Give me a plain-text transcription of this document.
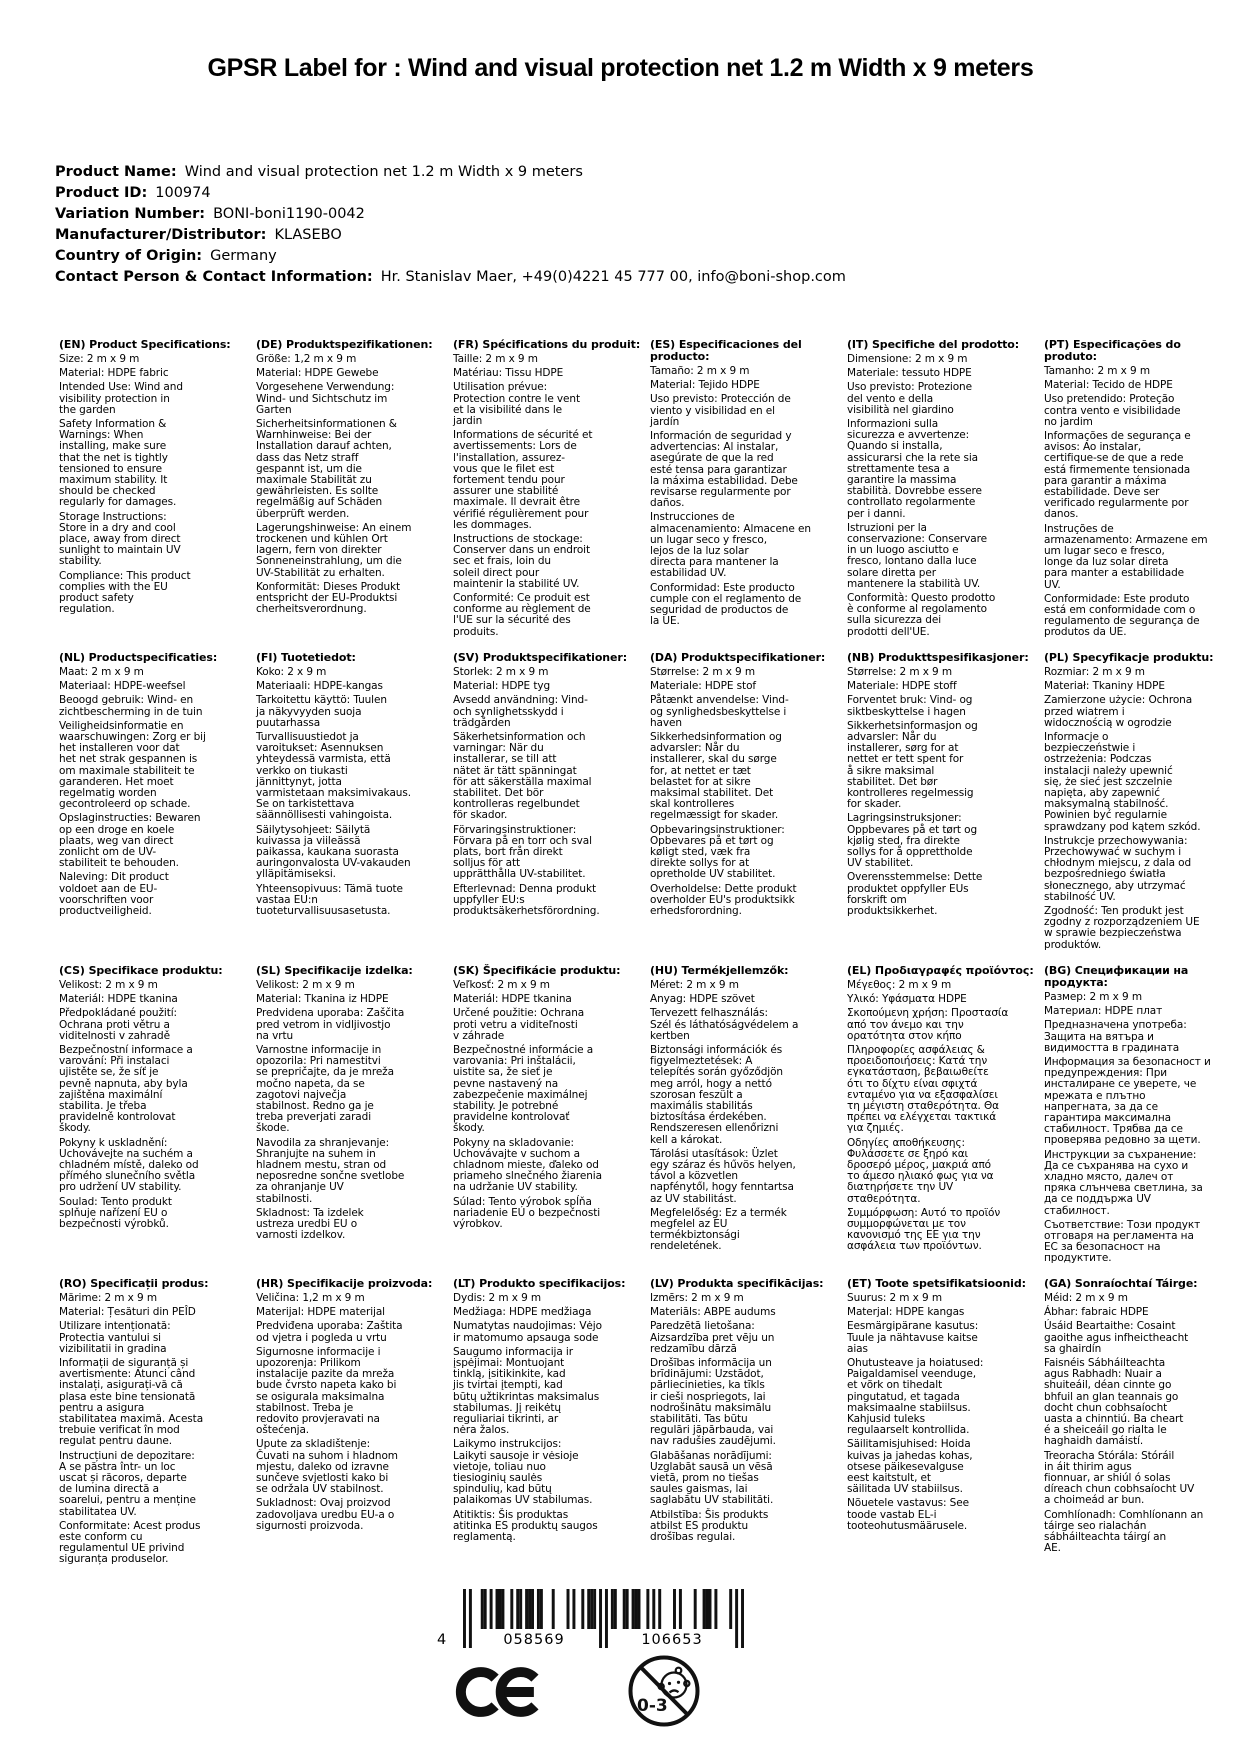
GPSR Label for : Wind and visual protection net 1.2 m Width x 9 meters
Product Name: Wind and visual protection net 1.2 m Width x 9 meters
Product ID: 100974
Variation Number: BONI-boni1190-0042
Manufacturer/Distributor: KLASEBO
Country of Origin: Germany
Contact Person & Contact Information: Hr. Stanislav Maer, +49(0)4221 45 777 00, info@boni-shop.com
(EN) Product Specifications:
Size: 2 m x 9 m
Material: HDPE fabric
Intended Use: Wind and
visibility protection in
the garden
Safety Information &
Warnings: When
installing, make sure
that the net is tightly
tensioned to ensure
maximum stability. It
should be checked
regularly for damages.
Storage Instructions:
Store in a dry and cool
place, away from direct
sunlight to maintain UV
stability.
Compliance: This product
complies with the EU
product safety
regulation.
(DE) Produktspezifikationen:
Größe: 1,2 m x 9 m
Material: HDPE Gewebe
Vorgesehene Verwendung:
Wind- und Sichtschutz im
Garten
Sicherheitsinformationen &
Warnhinweise: Bei der
Installation darauf achten,
dass das Netz straff
gespannt ist, um die
maximale Stabilität zu
gewährleisten. Es sollte
regelmäßig auf Schäden
überprüft werden.
Lagerungshinweise: An einem
trockenen und kühlen Ort
lagern, fern von direkter
Sonneneinstrahlung, um die
UV-Stabilität zu erhalten.
Konformität: Dieses Produkt
entspricht der EU-Produktsi
cherheitsverordnung.
(FR) Spécifications du produit:
Taille: 2 m x 9 m
Matériau: Tissu HDPE
Utilisation prévue:
Protection contre le vent
et la visibilité dans le
jardin
Informations de sécurité et
avertissements: Lors de
l'installation, assurez-
vous que le filet est
fortement tendu pour
assurer une stabilité
maximale. Il devrait être
vérifié régulièrement pour
les dommages.
Instructions de stockage:
Conserver dans un endroit
sec et frais, loin du
soleil direct pour
maintenir la stabilité UV.
Conformité: Ce produit est
conforme au règlement de
l'UE sur la sécurité des
produits.
(ES) Especificaciones del producto:
Tamaño: 2 m x 9 m
Material: Tejido HDPE
Uso previsto: Protección de
viento y visibilidad en el
jardín
Información de seguridad y
advertencias: Al instalar,
asegúrate de que la red
esté tensa para garantizar
la máxima estabilidad. Debe
revisarse regularmente por
daños.
Instrucciones de
almacenamiento: Almacene en
un lugar seco y fresco,
lejos de la luz solar
directa para mantener la
estabilidad UV.
Conformidad: Este producto
cumple con el reglamento de
seguridad de productos de
la UE.
(IT) Specifiche del prodotto:
Dimensione: 2 m x 9 m
Materiale: tessuto HDPE
Uso previsto: Protezione
del vento e della
visibilità nel giardino
Informazioni sulla
sicurezza e avvertenze:
Quando si installa,
assicurarsi che la rete sia
strettamente tesa a
garantire la massima
stabilità. Dovrebbe essere
controllato regolarmente
per i danni.
Istruzioni per la
conservazione: Conservare
in un luogo asciutto e
fresco, lontano dalla luce
solare diretta per
mantenere la stabilità UV.
Conformità: Questo prodotto
è conforme al regolamento
sulla sicurezza dei
prodotti dell'UE.
(PT) Especificações do produto:
Tamanho: 2 m x 9 m
Material: Tecido de HDPE
Uso pretendido: Proteção
contra vento e visibilidade
no jardim
Informações de segurança e
avisos: Ao instalar,
certifique-se de que a rede
está firmemente tensionada
para garantir a máxima
estabilidade. Deve ser
verificado regularmente por
danos.
Instruções de
armazenamento: Armazene em
um lugar seco e fresco,
longe da luz solar direta
para manter a estabilidade
UV.
Conformidade: Este produto
está em conformidade com o
regulamento de segurança de
produtos da UE.
(NL) Productspecificaties:
Maat: 2 m x 9 m
Materiaal: HDPE-weefsel
Beoogd gebruik: Wind- en
zichtbescherming in de tuin
Veiligheidsinformatie en
waarschuwingen: Zorg er bij
het installeren voor dat
het net strak gespannen is
om maximale stabiliteit te
garanderen. Het moet
regelmatig worden
gecontroleerd op schade.
Opslaginstructies: Bewaren
op een droge en koele
plaats, weg van direct
zonlicht om de UV-
stabiliteit te behouden.
Naleving: Dit product
voldoet aan de EU-
voorschriften voor
productveiligheid.
(FI) Tuotetiedot:
Koko: 2 x 9 m
Materiaali: HDPE-kangas
Tarkoitettu käyttö: Tuulen
ja näkyvyyden suoja
puutarhassa
Turvallisuustiedot ja
varoitukset: Asennuksen
yhteydessä varmista, että
verkko on tiukasti
jännittynyt, jotta
varmistetaan maksimivakaus.
Se on tarkistettava
säännöllisesti vahingoista.
Säilytysohjeet: Säilytä
kuivassa ja viileässä
paikassa, kaukana suorasta
auringonvalosta UV-vakauden
ylläpitämiseksi.
Yhteensopivuus: Tämä tuote
vastaa EU:n
tuoteturvallisuusasetusta.
(SV) Produktspecifikationer:
Storlek: 2 m x 9 m
Material: HDPE tyg
Avsedd användning: Vind-
och synlighetsskydd i
trädgården
Säkerhetsinformation och
varningar: När du
installerar, se till att
nätet är tätt spänningat
för att säkerställa maximal
stabilitet. Det bör
kontrolleras regelbundet
för skador.
Förvaringsinstruktioner:
Förvara på en torr och sval
plats, bort från direkt
solljus för att
upprätthålla UV-stabilitet.
Efterlevnad: Denna produkt
uppfyller EU:s
produktsäkerhetsförordning.
(DA) Produktspecifikationer:
Størrelse: 2 m x 9 m
Materiale: HDPE stof
Påtænkt anvendelse: Vind-
og synlighedsbeskyttelse i
haven
Sikkerhedsinformation og
advarsler: Når du
installerer, skal du sørge
for, at nettet er tæt
belastet for at sikre
maksimal stabilitet. Det
skal kontrolleres
regelmæssigt for skader.
Opbevaringsinstruktioner:
Opbevares på et tørt og
køligt sted, væk fra
direkte sollys for at
opretholde UV stabilitet.
Overholdelse: Dette produkt
overholder EU's produktsikk
erhedsforordning.
(NB) Produkttspesifikasjoner:
Størrelse: 2 m x 9 m
Materiale: HDPE stoff
Forventet bruk: Vind- og
siktbeskyttelse i hagen
Sikkerhetsinformasjon og
advarsler: Når du
installerer, sørg for at
nettet er tett spent for
å sikre maksimal
stabilitet. Det bør
kontrolleres regelmessig
for skader.
Lagringsinstruksjoner:
Oppbevares på et tørt og
kjølig sted, fra direkte
sollys for å opprettholde
UV stabilitet.
Overensstemmelse: Dette
produktet oppfyller EUs
forskrift om
produktsikkerhet.
(PL) Specyfikacje produktu:
Rozmiar: 2 m x 9 m
Materiał: Tkaniny HDPE
Zamierzone użycie: Ochrona
przed wiatrem i
widocznością w ogrodzie
Informacje o
bezpieczeństwie i
ostrzeżenia: Podczas
instalacji należy upewnić
się, że sieć jest szczelnie
napięta, aby zapewnić
maksymalną stabilność.
Powinien być regularnie
sprawdzany pod kątem szkód.
Instrukcje przechowywania:
Przechowywać w suchym i
chłodnym miejscu, z dala od
bezpośredniego światła
słonecznego, aby utrzymać
stabilność UV.
Zgodność: Ten produkt jest
zgodny z rozporządzeniem UE
w sprawie bezpieczeństwa
produktów.
(CS) Specifikace produktu:
Velikost: 2 m x 9 m
Materiál: HDPE tkanina
Předpokládané použití:
Ochrana proti větru a
viditelnosti v zahradě
Bezpečnostní informace a
varování: Při instalaci
ujistěte se, že síť je
pevně napnuta, aby byla
zajištěna maximální
stabilita. Je třeba
pravidelně kontrolovat
škody.
Pokyny k uskladnění:
Uchovávejte na suchém a
chladném místě, daleko od
přímého slunečního světla
pro udržení UV stability.
Soulad: Tento produkt
splňuje nařízení EU o
bezpečnosti výrobků.
(SL) Specifikacije izdelka:
Velikost: 2 m x 9 m
Material: Tkanina iz HDPE
Predvidena uporaba: Zaščita
pred vetrom in vidljivostjo
na vrtu
Varnostne informacije in
opozorila: Pri namestitvi
se prepričajte, da je mreža
močno napeta, da se
zagotovi največja
stabilnost. Redno ga je
treba preverjati zaradi
škode.
Navodila za shranjevanje:
Shranjujte na suhem in
hladnem mestu, stran od
neposredne sončne svetlobe
za ohranjanje UV
stabilnosti.
Skladnost: Ta izdelek
ustreza uredbi EU o
varnosti izdelkov.
(SK) Špecifikácie produktu:
Veľkosť: 2 m x 9 m
Materiál: HDPE tkanina
Určené použitie: Ochrana
proti vetru a viditeľnosti
v záhrade
Bezpečnostné informácie a
varovania: Pri inštalácii,
uistite sa, že sieť je
pevne nastavený na
zabezpečenie maximálnej
stability. Je potrebné
pravidelne kontrolovať
škody.
Pokyny na skladovanie:
Uchovávajte v suchom a
chladnom mieste, ďaleko od
priameho slnečného žiarenia
na udržanie UV stability.
Súlad: Tento výrobok spĺňa
nariadenie EÚ o bezpečnosti
výrobkov.
(HU) Termékjellemzők:
Méret: 2 m x 9 m
Anyag: HDPE szövet
Tervezett felhasználás:
Szél és láthatóságvédelem a
kertben
Biztonsági információk és
figyelmeztetések: A
telepítés során győződjön
meg arról, hogy a nettó
szorosan feszült a
maximális stabilitás
biztosítása érdekében.
Rendszeresen ellenőrizni
kell a károkat.
Tárolási utasítások: Üzlet
egy száraz és hűvös helyen,
távol a közvetlen
napfénytől, hogy fenntartsa
az UV stabilitást.
Megfelelőség: Ez a termék
megfelel az EU
termékbiztonsági
rendeletének.
(EL) Προδιαγραφές προϊόντος:
Μέγεθος: 2 m x 9 m
Υλικό: Υφάσματα HDPE
Σκοπούμενη χρήση: Προστασία
από τον άνεμο και την
ορατότητα στον κήπο
Πληροφορίες ασφάλειας &
προειδοποιήσεις: Κατά την
εγκατάσταση, βεβαιωθείτε
ότι το δίχτυ είναι σφιχτά
ενταμένο για να εξασφαλίσει
τη μέγιστη σταθερότητα. Θα
πρέπει να ελέγχεται τακτικά
για ζημιές.
Οδηγίες αποθήκευσης:
Φυλάσσετε σε ξηρό και
δροσερό μέρος, μακριά από
το άμεσο ηλιακό φως για να
διατηρήσετε την UV
σταθερότητα.
Συμμόρφωση: Αυτό το προϊόν
συμμορφώνεται με τον
κανονισμό της ΕΕ για την
ασφάλεια των προϊόντων.
(BG) Спецификации на продукта:
Размер: 2 m x 9 m
Материал: HDPE плат
Предназначена употреба:
Защита на вятъра и
видимостта в градината
Информация за безопасност и
предупреждения: При
инсталиране се уверете, че
мрежата е плътно
напрегната, за да се
гарантира максимална
стабилност. Трябва да се
проверява редовно за щети.
Инструкции за съхранение:
Да се съхранява на сухо и
хладно място, далеч от
пряка слънчева светлина, за
да се поддържа UV
стабилност.
Съответствие: Този продукт
отговаря на регламента на
ЕС за безопасност на
продуктите.
(RO) Specificații produs:
Mărime: 2 m x 9 m
Material: Țesături din PEÎD
Utilizare intenționată:
Protectia vantului si
vizibilitatii in gradina
Informații de siguranță și
avertismente: Atunci când
instalați, asigurați-vă că
plasa este bine tensionată
pentru a asigura
stabilitatea maximă. Acesta
trebuie verificat în mod
regulat pentru daune.
Instrucțiuni de depozitare:
A se păstra într- un loc
uscat și răcoros, departe
de lumina directă a
soarelui, pentru a menține
stabilitatea UV.
Conformitate: Acest produs
este conform cu
regulamentul UE privind
siguranța produselor.
(HR) Specifikacije proizvoda:
Veličina: 1,2 m x 9 m
Materijal: HDPE materijal
Predviđena uporaba: Zaštita
od vjetra i pogleda u vrtu
Sigurnosne informacije i
upozorenja: Prilikom
instalacije pazite da mreža
bude čvrsto napeta kako bi
se osigurala maksimalna
stabilnost. Treba je
redovito provjeravati na
oštećenja.
Upute za skladištenje:
Čuvati na suhom i hladnom
mjestu, daleko od izravne
sunčeve svjetlosti kako bi
se održala UV stabilnost.
Sukladnost: Ovaj proizvod
zadovoljava uredbu EU-a o
sigurnosti proizvoda.
(LT) Produkto specifikacijos:
Dydis: 2 m x 9 m
Medžiaga: HDPE medžiaga
Numatytas naudojimas: Vėjo
ir matomumo apsauga sode
Saugumo informacija ir
įspėjimai: Montuojant
tinklą, įsitikinkite, kad
jis tvirtai įtempti, kad
būtų užtikrintas maksimalus
stabilumas. Jį reikėtų
reguliariai tikrinti, ar
nėra žalos.
Laikymo instrukcijos:
Laikyti sausoje ir vėsioje
vietoje, toliau nuo
tiesioginių saulės
spindulių, kad būtų
palaikomas UV stabilumas.
Atitiktis: Šis produktas
atitinka ES produktų saugos
reglamentą.
(LV) Produkta specifikācijas:
Izmērs: 2 m x 9 m
Materiāls: ABPE audums
Paredzētā lietošana:
Aizsardzība pret vēju un
redzamību dārzā
Drošības informācija un
brīdinājumi: Uzstādot,
pārliecinieties, ka tīkls
ir cieši nospriegots, lai
nodrošinātu maksimālu
stabilitāti. Tas būtu
regulāri jāpārbauda, vai
nav radušies zaudējumi.
Glabāšanas norādījumi:
Uzglabāt sausā un vēsā
vietā, prom no tiešas
saules gaismas, lai
saglabātu UV stabilitāti.
Atbilstība: Šis produkts
atbilst ES produktu
drošības regulai.
(ET) Toote spetsifikatsioonid:
Suurus: 2 m x 9 m
Materjal: HDPE kangas
Eesmärgipärane kasutus:
Tuule ja nähtavuse kaitse
aias
Ohutusteave ja hoiatused:
Paigaldamisel veenduge,
et võrk on tihedalt
pingutatud, et tagada
maksimaalne stabiilsus.
Kahjusid tuleks
regulaarselt kontrollida.
Säilitamisjuhised: Hoida
kuivas ja jahedas kohas,
otsese päikesevalguse
eest kaitstult, et
säilitada UV stabiilsus.
Nõuetele vastavus: See
toode vastab EL-i
tooteohutusmäärusele.
(GA) Sonraíochtaí Táirge:
Méid: 2 m x 9 m
Ábhar: fabraic HDPE
Úsáid Beartaithe: Cosaint
gaoithe agus infheictheacht
sa ghairdín
Faisnéis Sábháilteachta
agus Rabhadh: Nuair a
shuiteáil, déan cinnte go
bhfuil an glan teannais go
docht chun cobhsaíocht
uasta a chinntiú. Ba cheart
é a sheiceáil go rialta le
haghaidh damáistí.
Treoracha Stórála: Stóráil
in áit thirim agus
fionnuar, ar shiúl ó solas
díreach chun cobhsaíocht UV
a choimeád ar bun.
Comhlíonadh: Comhlíonann an
táirge seo rialachán
sábháilteachta táirgí an
AE.
4	058569	106653
0-3
